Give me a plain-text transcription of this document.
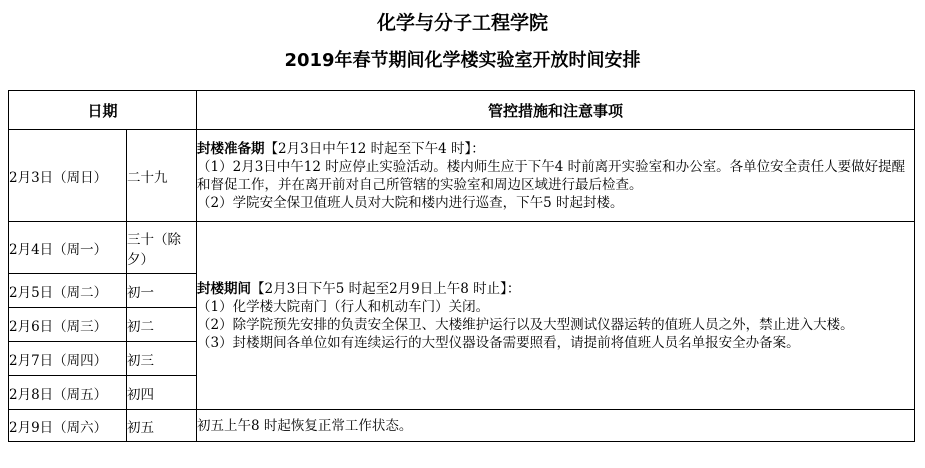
化学与分子工程学院
2019年春节期间化学楼实验室开放时间安排
日期		管控措施和注意事项
2月3日（周日）	二十九	封楼准备期【2月3日中午12 时起至下午4 时】：
（1）2月3日中午12 时应停止实验活动。楼内师生应于下午4 时前离开实验室和办公室。各单位安全责任人要做好提醒和督促工作，并在离开前对自己所管辖的实验室和周边区域进行最后检查。
（2）学院安全保卫值班人员对大院和楼内进行巡查，下午5 时起封楼。

2月4日（周一）	三十（除夕）	封楼期间【2月3日下午5 时起至2月9日上午8 时止】：
（1）化学楼大院南门（行人和机动车门）关闭。
（2）除学院预先安排的负责安全保卫、大楼维护运行以及大型测试仪器运转的值班人员之外，禁止进入大楼。
（3）封楼期间各单位如有连续运行的大型仪器设备需要照看，请提前将值班人员名单报安全办备案。

2月5日（周二）	初一	
2月6日（周三）	初二	
2月7日（周四）	初三	
2月8日（周五）	初四	
2月9日（周六）	初五	初五上午8 时起恢复正常工作状态。
